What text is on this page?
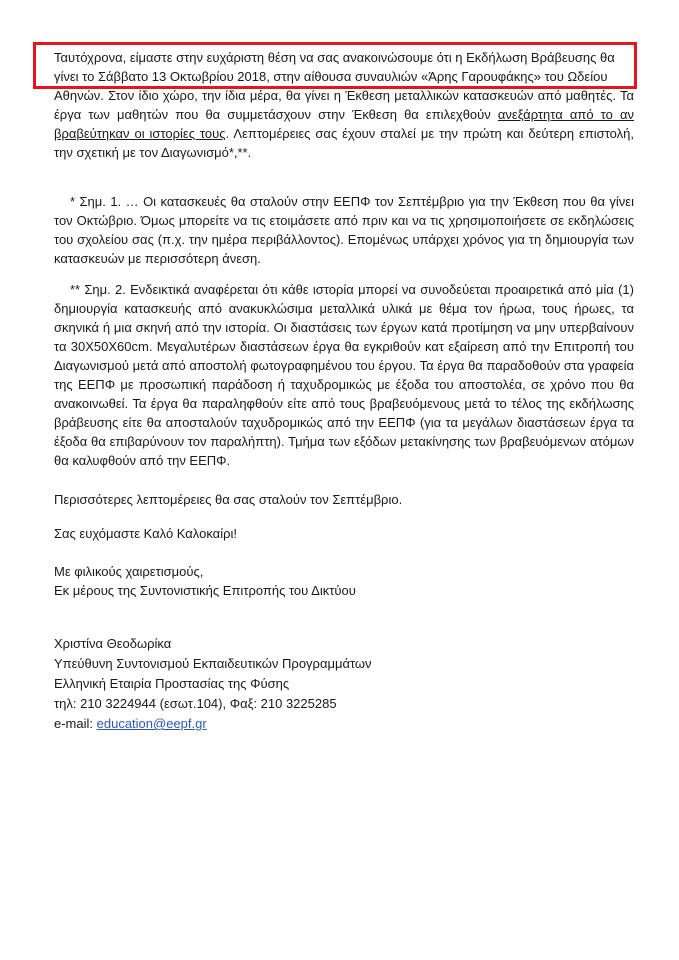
Ταυτόχρονα, είμαστε στην ευχάριστη θέση να σας ανακοινώσουμε ότι η Εκδήλωση Βράβευσης θα
γίνει το Σάββατο 13 Οκτωβρίου 2018, στην αίθουσα συναυλιών «Άρης Γαρουφάκης» του Ωδείου
Αθηνών. Στον ίδιο χώρο, την ίδια μέρα, θα γίνει η Έκθεση μεταλλικών κατασκευών από μαθητές. Τα έργα των μαθητών που θα συμμετάσχουν στην Έκθεση θα επιλεχθούν ανεξάρτητα από το αν βραβεύτηκαν οι ιστορίες τους. Λεπτομέρειες σας έχουν σταλεί με την πρώτη και δεύτερη επιστολή, την σχετική με τον Διαγωνισμό*,**.

* Σημ. 1. … Οι κατασκευές θα σταλούν στην ΕΕΠΦ τον Σεπτέμβριο για την Έκθεση που θα γίνει τον Οκτώβριο. Όμως μπορείτε να τις ετοιμάσετε από πριν και να τις χρησιμοποιήσετε σε εκδηλώσεις του σχολείου σας (π.χ. την ημέρα περιβάλλοντος). Επομένως υπάρχει χρόνος για τη δημιουργία των κατασκευών με περισσότερη άνεση.

** Σημ. 2. Ενδεικτικά αναφέρεται ότι κάθε ιστορία μπορεί να συνοδεύεται προαιρετικά από μία (1) δημιουργία κατασκευής από ανακυκλώσιμα μεταλλικά υλικά με θέμα τον ήρωα, τους ήρωες, τα σκηνικά ή μια σκηνή από την ιστορία. Οι διαστάσεις των έργων κατά προτίμηση να μην υπερβαίνουν τα 30X50X60cm. Μεγαλυτέρων διαστάσεων έργα θα εγκριθούν κατ εξαίρεση από την Επιτροπή του Διαγωνισμού μετά από αποστολή φωτογραφημένου του έργου. Τα έργα θα παραδοθούν στα γραφεία της ΕΕΠΦ με προσωπική παράδοση ή ταχυδρομικώς με έξοδα του αποστολέα, σε χρόνο που θα ανακοινωθεί. Τα έργα θα παραληφθούν είτε από τους βραβευόμενους μετά το τέλος της εκδήλωσης βράβευσης είτε θα αποσταλούν ταχυδρομικώς από την ΕΕΠΦ (για τα μεγάλων διαστάσεων έργα τα έξοδα θα επιβαρύνουν τον παραλήπτη). Τμήμα των εξόδων μετακίνησης των βραβευόμενων ατόμων θα καλυφθούν από την ΕΕΠΦ.

Περισσότερες λεπτομέρειες θα σας σταλούν τον Σεπτέμβριο.

Σας ευχόμαστε Καλό Καλοκαίρι!

Με φιλικούς χαιρετισμούς,
Εκ μέρους της Συντονιστικής Επιτροπής του Δικτύου

Χριστίνα Θεοδωρίκα
Υπεύθυνη Συντονισμού Εκπαιδευτικών Προγραμμάτων
Ελληνική Εταιρία Προστασίας της Φύσης
τηλ: 210 3224944 (εσωτ.104), Φαξ: 210 3225285
e-mail: education@eepf.gr
